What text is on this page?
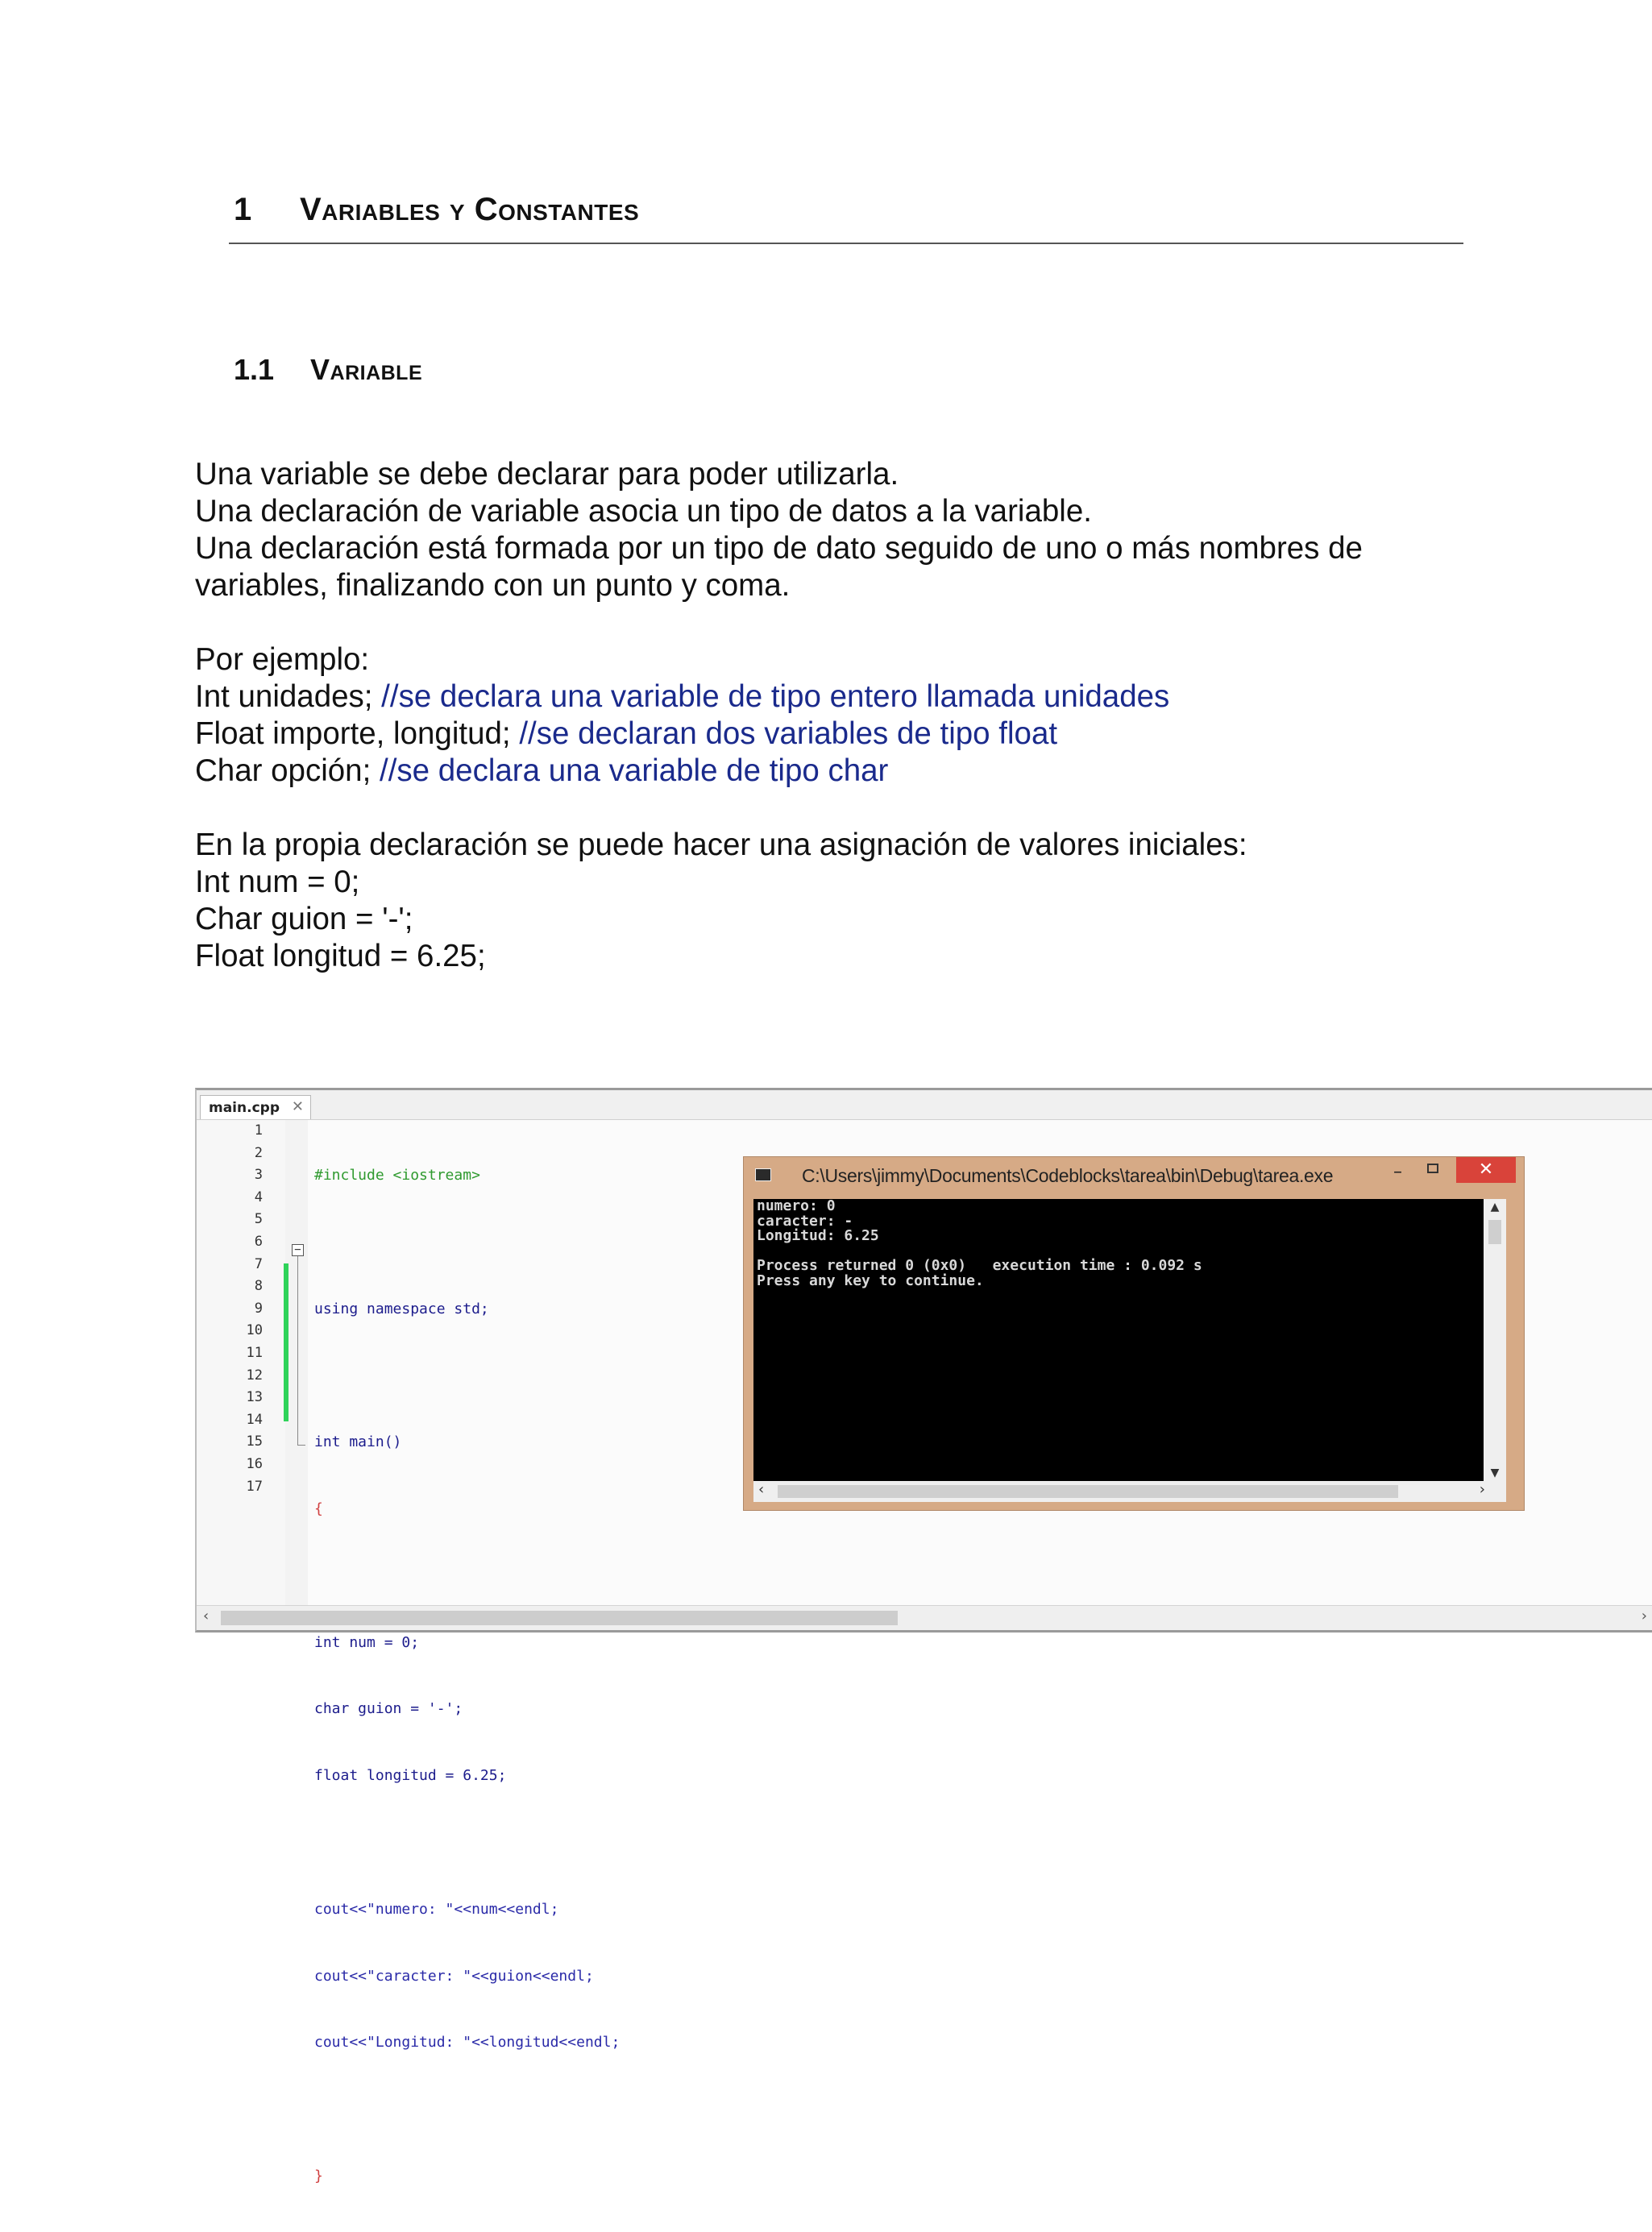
1	Variables y Constantes
1.1	Variable

Una variable se debe declarar para poder utilizarla.

Una declaración de variable asocia un tipo de datos a la variable.

Una declaración está formada por un tipo de dato seguido de uno o más nombres de variables, finalizando con un punto y coma.

Por ejemplo:

Int unidades; //se declara una variable de tipo entero llamada unidades

Float importe, longitud; //se declaran dos variables de tipo float

Char opción; //se declara una variable de tipo char

En la propia declaración se puede hacer una asignación de valores iniciales:

Int num = 0;

Char guion = '-';

Float longitud = 6.25;

main.cpp ✕
1
2
3
4
5
6
7
8
9
10
11
12
13
14
15
16
17
−

#include <iostream>

using namespace std;

int main()

{

int num = 0;

char guion = '-';

float longitud = 6.25;

cout<<"numero: "<<num<<endl;

cout<<"caracter: "<<guion<<endl;

cout<<"Longitud: "<<longitud<<endl;

}

C:\Users\jimmy\Documents\Codeblocks\tarea\bin\Debug\tarea.exe	–	✕
numero: 0
caracter: -
Longitud: 6.25

Process returned 0 (0x0)   execution time : 0.092 s
Press any key to continue.
▲
▼
‹	›
‹	›
